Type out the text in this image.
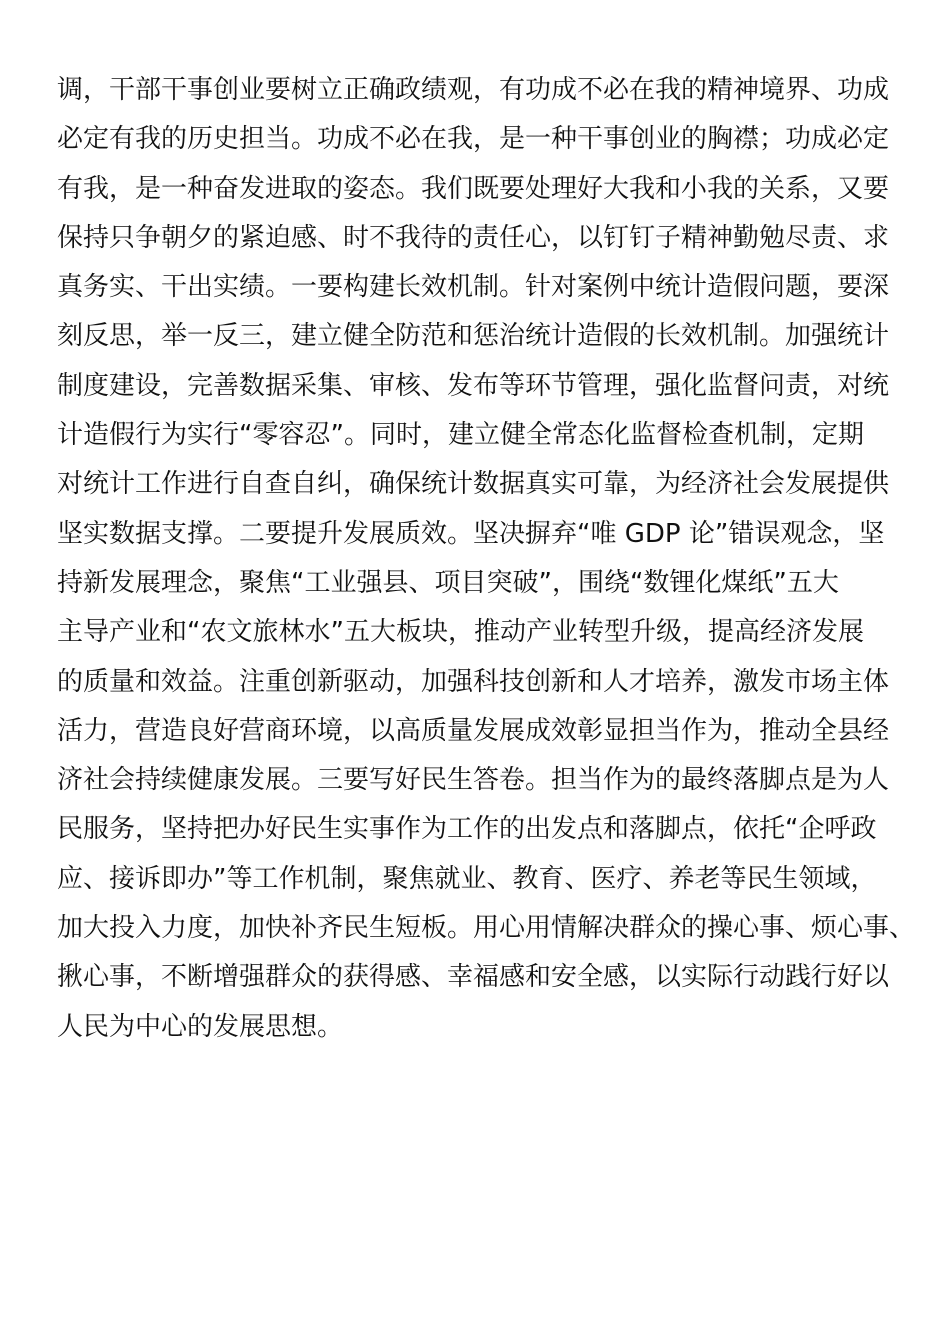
调，干部干事创业要树立正确政绩观，有功成不必在我的精神境界、功成
必定有我的历史担当。功成不必在我，是一种干事创业的胸襟；功成必定
有我，是一种奋发进取的姿态。我们既要处理好大我和小我的关系，又要
保持只争朝夕的紧迫感、时不我待的责任心，以钉钉子精神勤勉尽责、求
真务实、干出实绩。一要构建长效机制。针对案例中统计造假问题，要深
刻反思，举一反三，建立健全防范和惩治统计造假的长效机制。加强统计
制度建设，完善数据采集、审核、发布等环节管理，强化监督问责，对统
计造假行为实行“零容忍”。同时，建立健全常态化监督检查机制，定期
对统计工作进行自查自纠，确保统计数据真实可靠，为经济社会发展提供
坚实数据支撑。二要提升发展质效。坚决摒弃“唯 GDP 论”错误观念，坚
持新发展理念，聚焦“工业强县、项目突破”，围绕“数锂化煤纸”五大
主导产业和“农文旅林水”五大板块，推动产业转型升级，提高经济发展
的质量和效益。注重创新驱动，加强科技创新和人才培养，激发市场主体
活力，营造良好营商环境，以高质量发展成效彰显担当作为，推动全县经
济社会持续健康发展。三要写好民生答卷。担当作为的最终落脚点是为人
民服务，坚持把办好民生实事作为工作的出发点和落脚点，依托“企呼政
应、接诉即办”等工作机制，聚焦就业、教育、医疗、养老等民生领域，
加大投入力度，加快补齐民生短板。用心用情解决群众的操心事、烦心事、
揪心事，不断增强群众的获得感、幸福感和安全感，以实际行动践行好以
人民为中心的发展思想。
